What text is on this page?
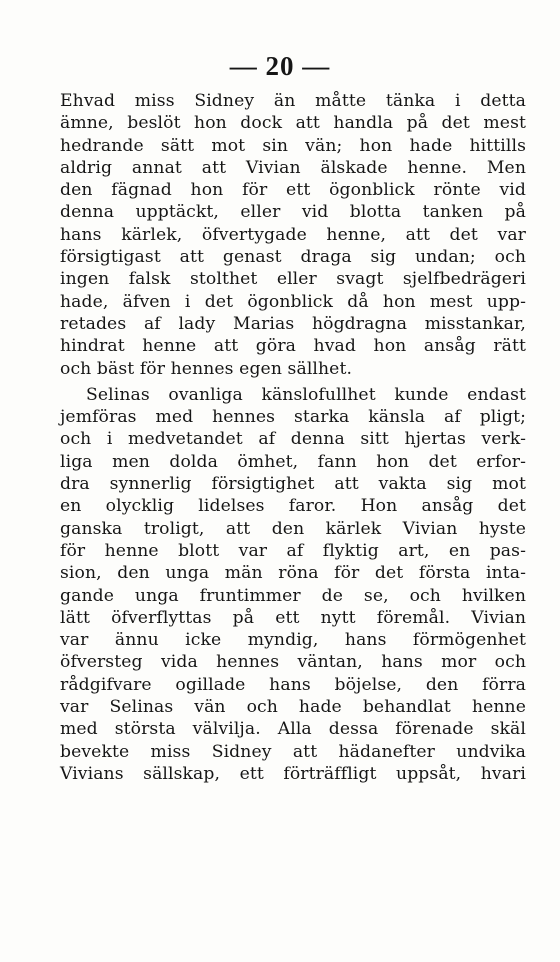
— 20 —
Ehvad miss Sidney än måtte tänka i detta
ämne, beslöt hon dock att handla på det mest
hedrande sätt mot sin vän; hon hade hittills
aldrig annat att Vivian älskade henne. Men
den fägnad hon för ett ögonblick rönte vid
denna upptäckt, eller vid blotta tanken på
hans kärlek, öfvertygade henne, att det var
försigtigast att genast draga sig undan; och
ingen falsk stolthet eller svagt sjelfbedrägeri
hade, äfven i det ögonblick då hon mest upp-
retades af lady Marias högdragna misstankar,
hindrat henne att göra hvad hon ansåg rätt
och bäst för hennes egen sällhet.
Selinas ovanliga känslofullhet kunde endast
jemföras med hennes starka känsla af pligt;
och i medvetandet af denna sitt hjertas verk-
liga men dolda ömhet, fann hon det erfor-
dra synnerlig försigtighet att vakta sig mot
en olycklig lidelses faror. Hon ansåg det
ganska troligt, att den kärlek Vivian hyste
för henne blott var af flyktig art, en pas-
sion, den unga män röna för det första inta-
gande unga fruntimmer de se, och hvilken
lätt öfverflyttas på ett nytt föremål. Vivian
var ännu icke myndig, hans förmögenhet
öfversteg vida hennes väntan, hans mor och
rådgifvare ogillade hans böjelse, den förra
var Selinas vän och hade behandlat henne
med största välvilja. Alla dessa förenade skäl
bevekte miss Sidney att hädanefter undvika
Vivians sällskap, ett förträffligt uppsåt, hvari
